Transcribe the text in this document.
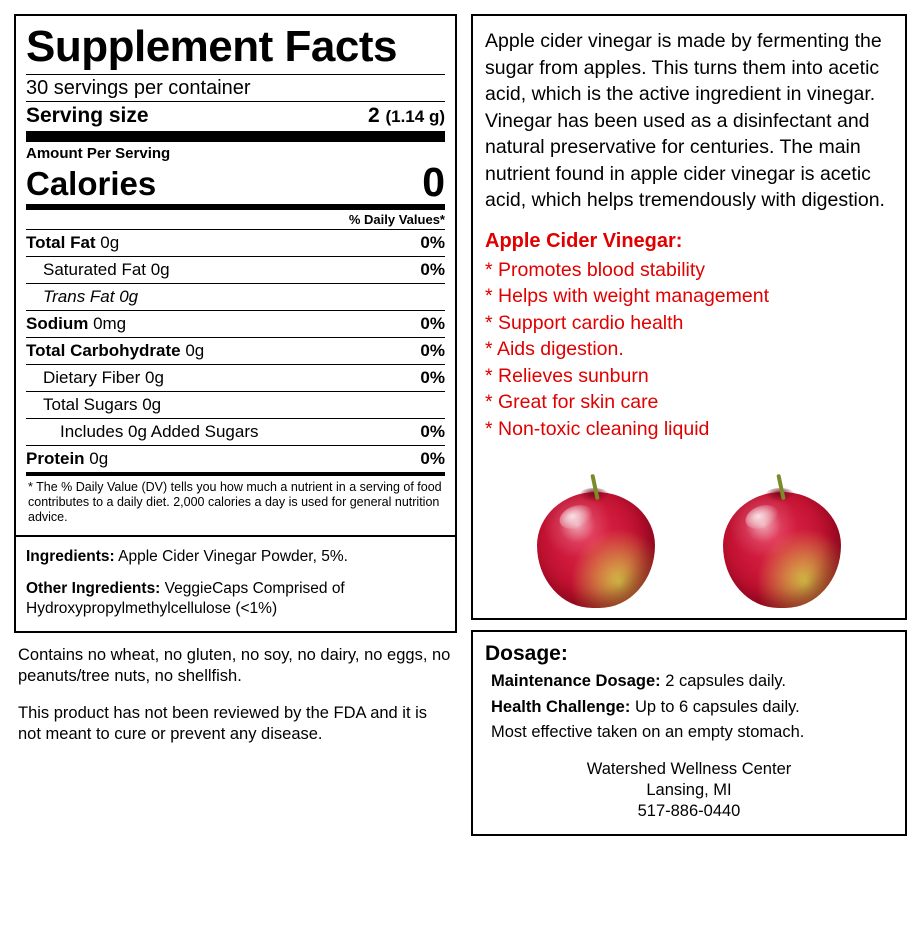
Supplement Facts
30 servings per container
Serving size	2 (1.14 g)
Amount Per Serving
Calories	0
% Daily Values*
Total Fat 0g	0%
Saturated Fat 0g	0%
Trans Fat 0g
Sodium 0mg	0%
Total Carbohydrate 0g	0%
Dietary Fiber 0g	0%
Total Sugars 0g
Includes 0g Added Sugars	0%
Protein 0g	0%
* The % Daily Value (DV) tells you how much a nutrient in a serving of food contributes to a daily diet. 2,000 calories a day is used for general nutrition advice.

Ingredients: Apple Cider Vinegar Powder, 5%.

Other Ingredients: VeggieCaps Comprised of Hydroxypropylmethylcellulose (<1%)

Contains no wheat, no gluten, no soy, no dairy, no eggs, no peanuts/tree nuts, no shellfish.

This product has not been reviewed by the FDA and it is not meant to cure or prevent any disease.

Apple cider vinegar is made by fermenting the sugar from apples. This turns them into acetic acid, which is the active ingredient in vinegar. Vinegar has been used as a disinfectant and natural preservative for centuries. The main nutrient found in apple cider vinegar is acetic acid, which helps tremendously with digestion.

Apple Cider Vinegar:
* Promotes blood stability
* Helps with weight management
* Support cardio health
* Aids digestion.
* Relieves sunburn
* Great for skin care
* Non-toxic cleaning liquid
Dosage:

Maintenance Dosage: 2 capsules daily.

Health Challenge: Up to 6 capsules daily.

Most effective taken on an empty stomach.

Watershed Wellness Center
Lansing, MI
517-886-0440
